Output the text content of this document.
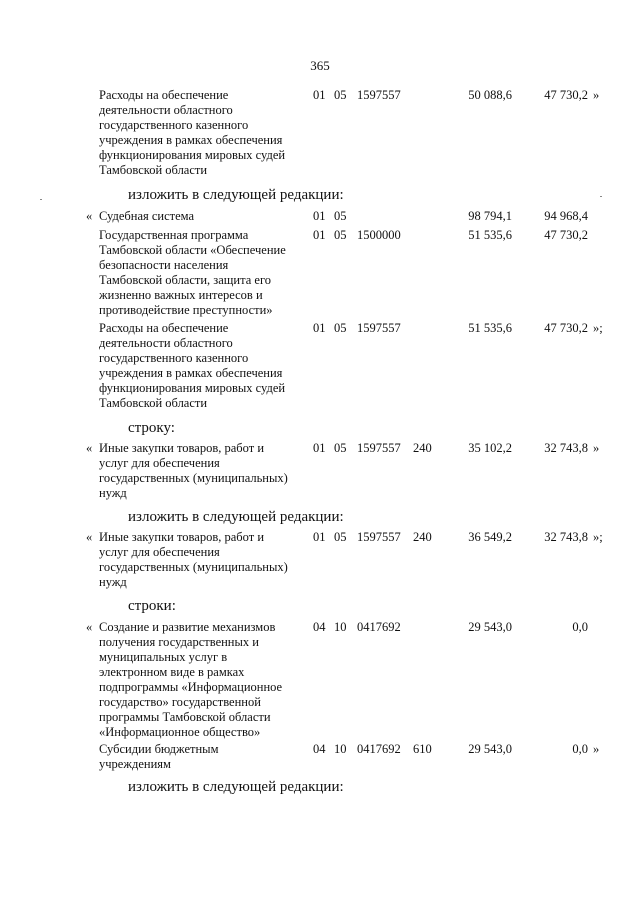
365
Расходы на обеспечение
деятельности областного
государственного казенного
учреждения в рамках обеспечения
функционирования мировых судей
Тамбовской области
01 05 1597557	50 088,6	47 730,2 »
изложить в следующей редакции:
« Судебная система	01 05	98 794,1	94 968,4
Государственная программа
Тамбовской области «Обеспечение
безопасности населения
Тамбовской области, защита его
жизненно важных интересов и
противодействие преступности»
01 05 1500000	51 535,6	47 730,2
Расходы на обеспечение
деятельности областного
государственного казенного
учреждения в рамках обеспечения
функционирования мировых судей
Тамбовской области
01 05 1597557	51 535,6	47 730,2 »;
строку:
« Иные закупки товаров, работ и
услуг для обеспечения
государственных (муниципальных)
нужд
01 05 1597557 240	35 102,2	32 743,8 »
изложить в следующей редакции:
« Иные закупки товаров, работ и
услуг для обеспечения
государственных (муниципальных)
нужд
01 05 1597557 240	36 549,2	32 743,8 »;
строки:
« Создание и развитие механизмов
получения государственных и
муниципальных услуг в
электронном виде в рамках
подпрограммы «Информационное
государство» государственной
программы Тамбовской области
«Информационное общество»
04 10 0417692	29 543,0	0,0
Субсидии бюджетным
учреждениям
04 10 0417692 610	29 543,0	0,0 »
изложить в следующей редакции:
